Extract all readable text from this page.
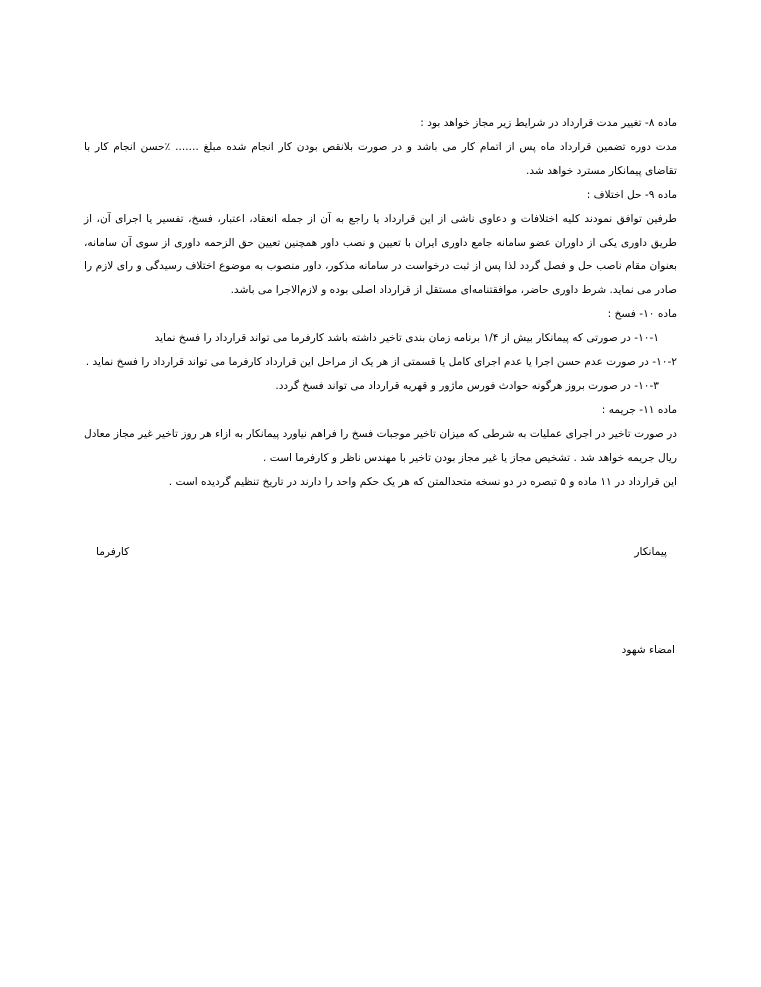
ماده ۸- تغییر مدت قرارداد در شرایط زیر مجاز خواهد بود :

مدت دوره تضمین قرارداد ماه پس از اتمام کار می باشد و در صورت بلانقص بودن کار انجام شده مبلغ ....... ٪حسن انجام کار با تقاضای پیمانکار مسترد خواهد شد.

ماده ۹- حل اختلاف :

طرفین توافق نمودند کلیه اختلافات و دعاوی ناشی از این قرارداد یا راجع به آن از جمله انعقاد، اعتبار، فسخ، تفسیر یا اجرای آن، از طریق داوری یکی از داوران عضو سامانه جامع داوری ایران با تعیین و نصب داور همچنین تعیین حق الزحمه داوری از سوی آن سامانه، بعنوان مقام ناصب حل و فصل گردد لذا پس از ثبت درخواست در سامانه مذکور، داور منصوب به موضوع اختلاف رسیدگی و رای لازم را صادر می نماید. شرط داوری حاضر، موافقتنامه‌ای مستقل از قرارداد اصلی بوده و لازم‌الاجرا می باشد.

ماده ۱۰- فسخ :

۱۰-۱- در صورتی که پیمانکار بیش از ۱/۴ برنامه زمان بندی تاخیر داشته باشد کارفرما می تواند قرارداد را فسخ نماید

۱۰-۲- در صورت عدم حسن اجرا یا عدم اجرای کامل یا قسمتی از هر یک از مراحل این قرارداد کارفرما می تواند قرارداد را فسخ نماید .

۱۰-۳- در صورت بروز هرگونه حوادث فورس ماژور و قهریه قرارداد می تواند فسخ گردد.

ماده ۱۱- جریمه :

در صورت تاخیر در اجرای عملیات به شرطی که میزان تاخیر موجبات فسخ را فراهم نیاورد پیمانکار به ازاء هر روز تاخیر غیر مجاز معادل ریال جریمه خواهد شد . تشخیص مجاز یا غیر مجاز بودن تاخیر با مهندس ناظر و کارفرما است .

این قرارداد در ۱۱ ماده و ۵ تبصره در دو نسخه متحدالمتن که هر یک حکم واحد را دارند در تاریخ تنظیم گردیده است .

پیمانکار
کارفرما
امضاء شهود
